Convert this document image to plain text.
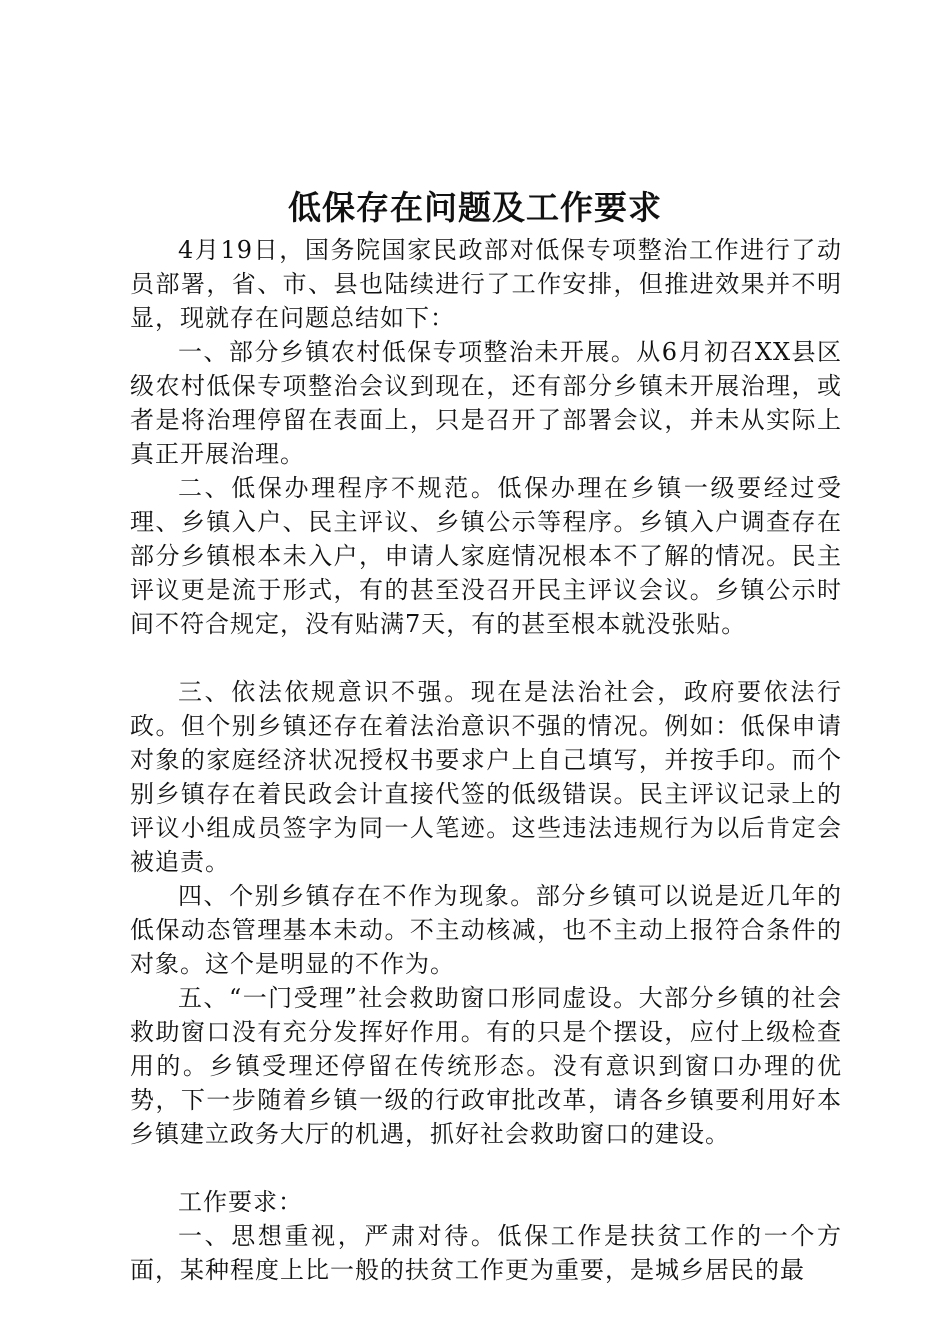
低保存在问题及工作要求

4月19日，国务院国家民政部对低保专项整治工作进行了动员部署，省、市、县也陆续进行了工作安排，但推进效果并不明显，现就存在问题总结如下：

一、部分乡镇农村低保专项整治未开展。从6月初召XX县区级农村低保专项整治会议到现在，还有部分乡镇未开展治理，或者是将治理停留在表面上，只是召开了部署会议，并未从实际上真正开展治理。

二、低保办理程序不规范。低保办理在乡镇一级要经过受理、乡镇入户、民主评议、乡镇公示等程序。乡镇入户调查存在部分乡镇根本未入户，申请人家庭情况根本不了解的情况。民主评议更是流于形式，有的甚至没召开民主评议会议。乡镇公示时间不符合规定，没有贴满7天，有的甚至根本就没张贴。

三、依法依规意识不强。现在是法治社会，政府要依法行政。但个别乡镇还存在着法治意识不强的情况。例如：低保申请对象的家庭经济状况授权书要求户上自己填写，并按手印。而个别乡镇存在着民政会计直接代签的低级错误。民主评议记录上的评议小组成员签字为同一人笔迹。这些违法违规行为以后肯定会被追责。

四、个别乡镇存在不作为现象。部分乡镇可以说是近几年的低保动态管理基本未动。不主动核减，也不主动上报符合条件的对象。这个是明显的不作为。

五、“一门受理”社会救助窗口形同虚设。大部分乡镇的社会救助窗口没有充分发挥好作用。有的只是个摆设，应付上级检查用的。乡镇受理还停留在传统形态。没有意识到窗口办理的优势，下一步随着乡镇一级的行政审批改革，请各乡镇要利用好本乡镇建立政务大厅的机遇，抓好社会救助窗口的建设。

工作要求：

一、思想重视，严肃对待。低保工作是扶贫工作的一个方面，某种程度上比一般的扶贫工作更为重要，是城乡居民的最
